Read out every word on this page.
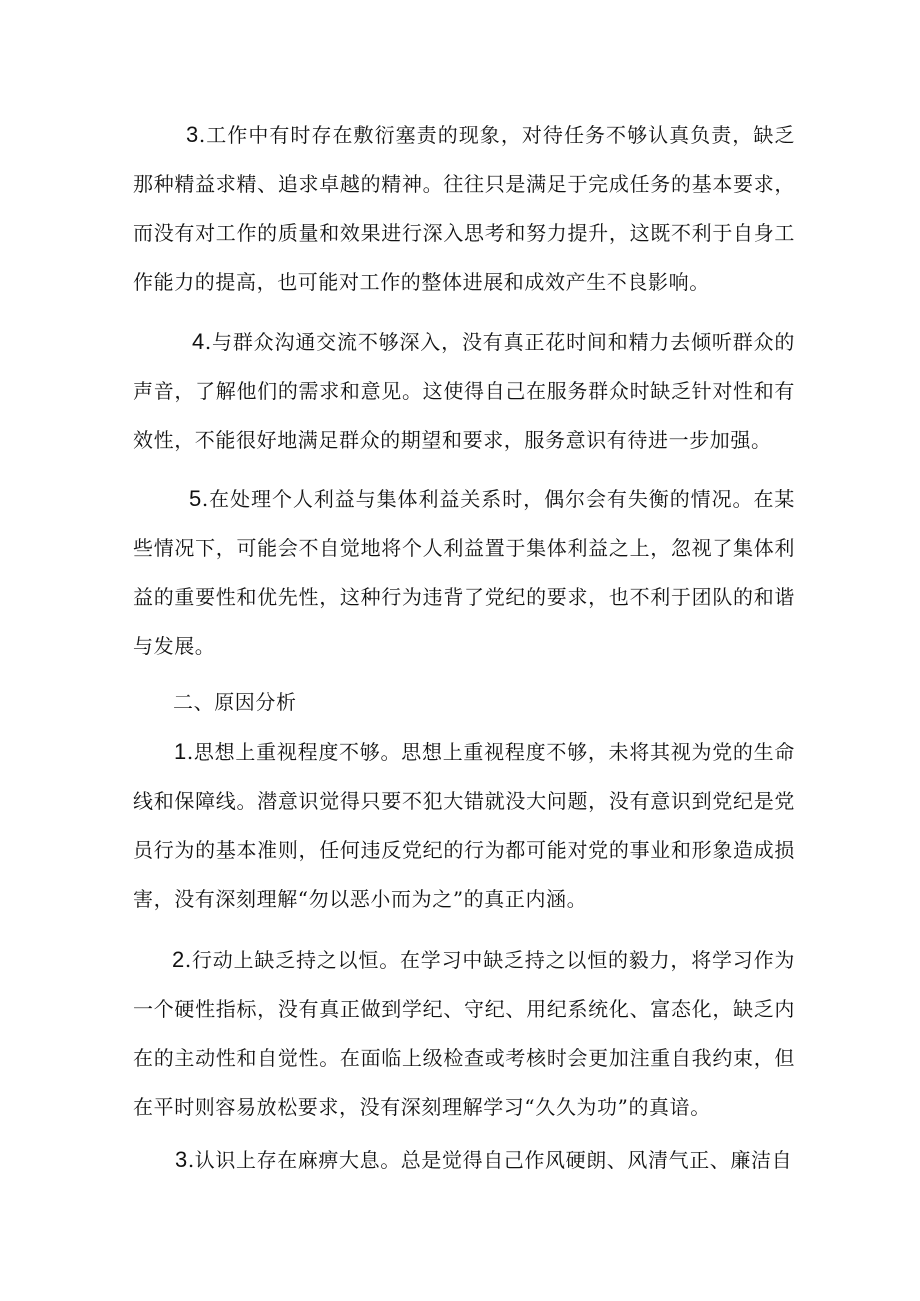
3.工作中有时存在敷衍塞责的现象，对待任务不够认真负责，缺乏那种精益求精、追求卓越的精神。往往只是满足于完成任务的基本要求，而没有对工作的质量和效果进行深入思考和努力提升，这既不利于自身工作能力的提高，也可能对工作的整体进展和成效产生不良影响。

4.与群众沟通交流不够深入，没有真正花时间和精力去倾听群众的声音，了解他们的需求和意见。这使得自己在服务群众时缺乏针对性和有效性，不能很好地满足群众的期望和要求，服务意识有待进一步加强。

5.在处理个人利益与集体利益关系时，偶尔会有失衡的情况。在某些情况下，可能会不自觉地将个人利益置于集体利益之上，忽视了集体利益的重要性和优先性，这种行为违背了党纪的要求，也不利于团队的和谐与发展。

二、原因分析

1.思想上重视程度不够。思想上重视程度不够，未将其视为党的生命线和保障线。潜意识觉得只要不犯大错就没大问题，没有意识到党纪是党员行为的基本准则，任何违反党纪的行为都可能对党的事业和形象造成损害，没有深刻理解“勿以恶小而为之”的真正内涵。

2.行动上缺乏持之以恒。在学习中缺乏持之以恒的毅力，将学习作为一个硬性指标，没有真正做到学纪、守纪、用纪系统化、富态化，缺乏内在的主动性和自觉性。在面临上级检查或考核时会更加注重自我约束，但在平时则容易放松要求，没有深刻理解学习“久久为功”的真谙。

3.认识上存在麻痹大息。总是觉得自己作风硬朗、风清气正、廉洁自
